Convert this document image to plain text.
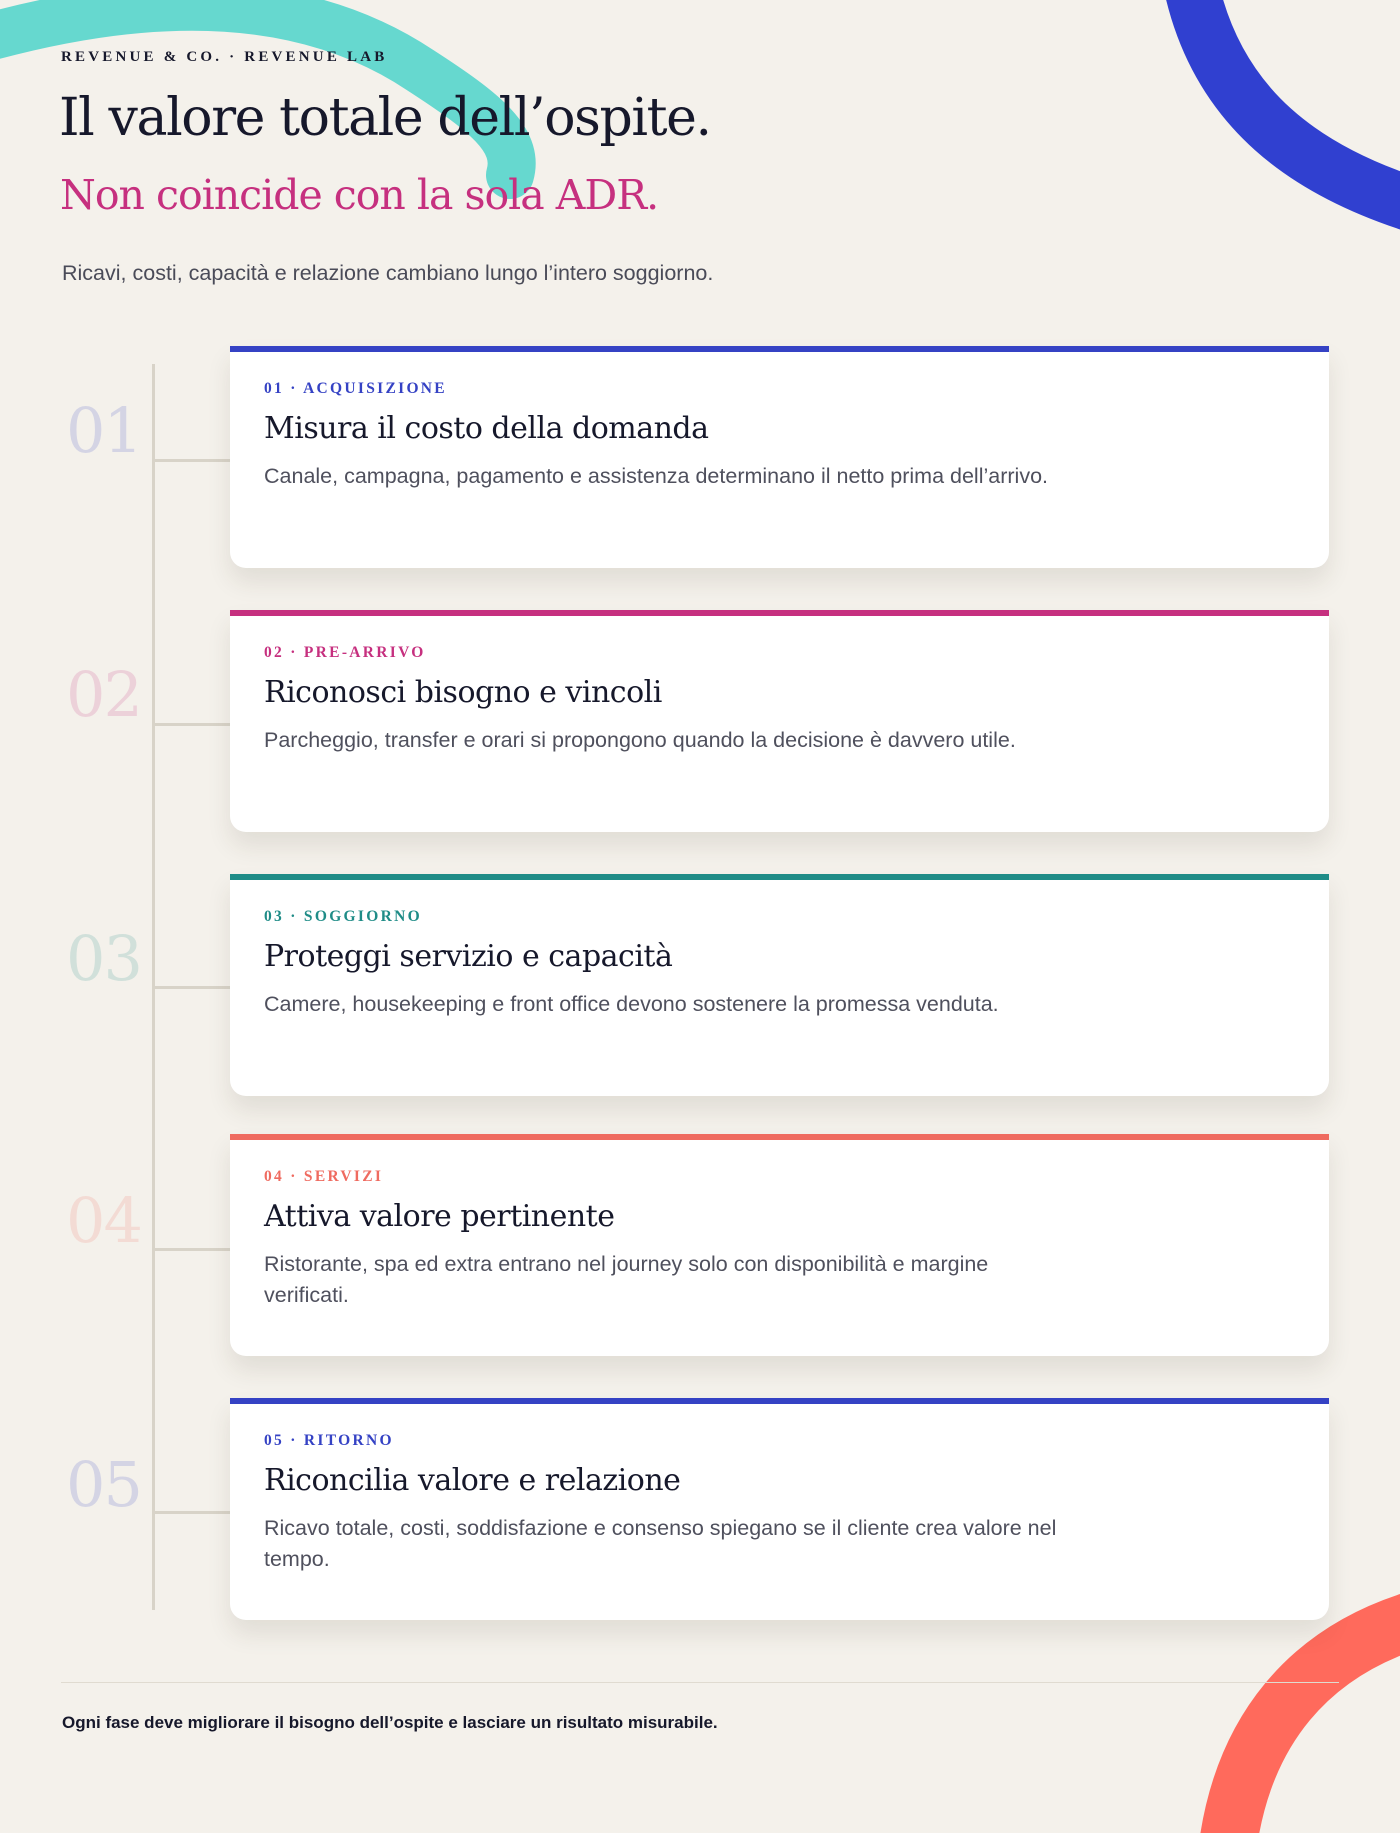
REVENUE & CO. · REVENUE LAB
Il valore totale dell’ospite.
Non coincide con la sola ADR.

Ricavi, costi, capacità e relazione cambiano lungo l’intero soggiorno.

01
01 · ACQUISIZIONE
Misura il costo della domanda

Canale, campagna, pagamento e assistenza determinano il netto prima dell’arrivo.

02
02 · PRE-ARRIVO
Riconosci bisogno e vincoli

Parcheggio, transfer e orari si propongono quando la decisione è davvero utile.

03
03 · SOGGIORNO
Proteggi servizio e capacità

Camere, housekeeping e front office devono sostenere la promessa venduta.

04
04 · SERVIZI
Attiva valore pertinente

Ristorante, spa ed extra entrano nel journey solo con disponibilità e margine verificati.

05
05 · RITORNO
Riconcilia valore e relazione

Ricavo totale, costi, soddisfazione e consenso spiegano se il cliente crea valore nel tempo.

Ogni fase deve migliorare il bisogno dell’ospite e lasciare un risultato misurabile.
